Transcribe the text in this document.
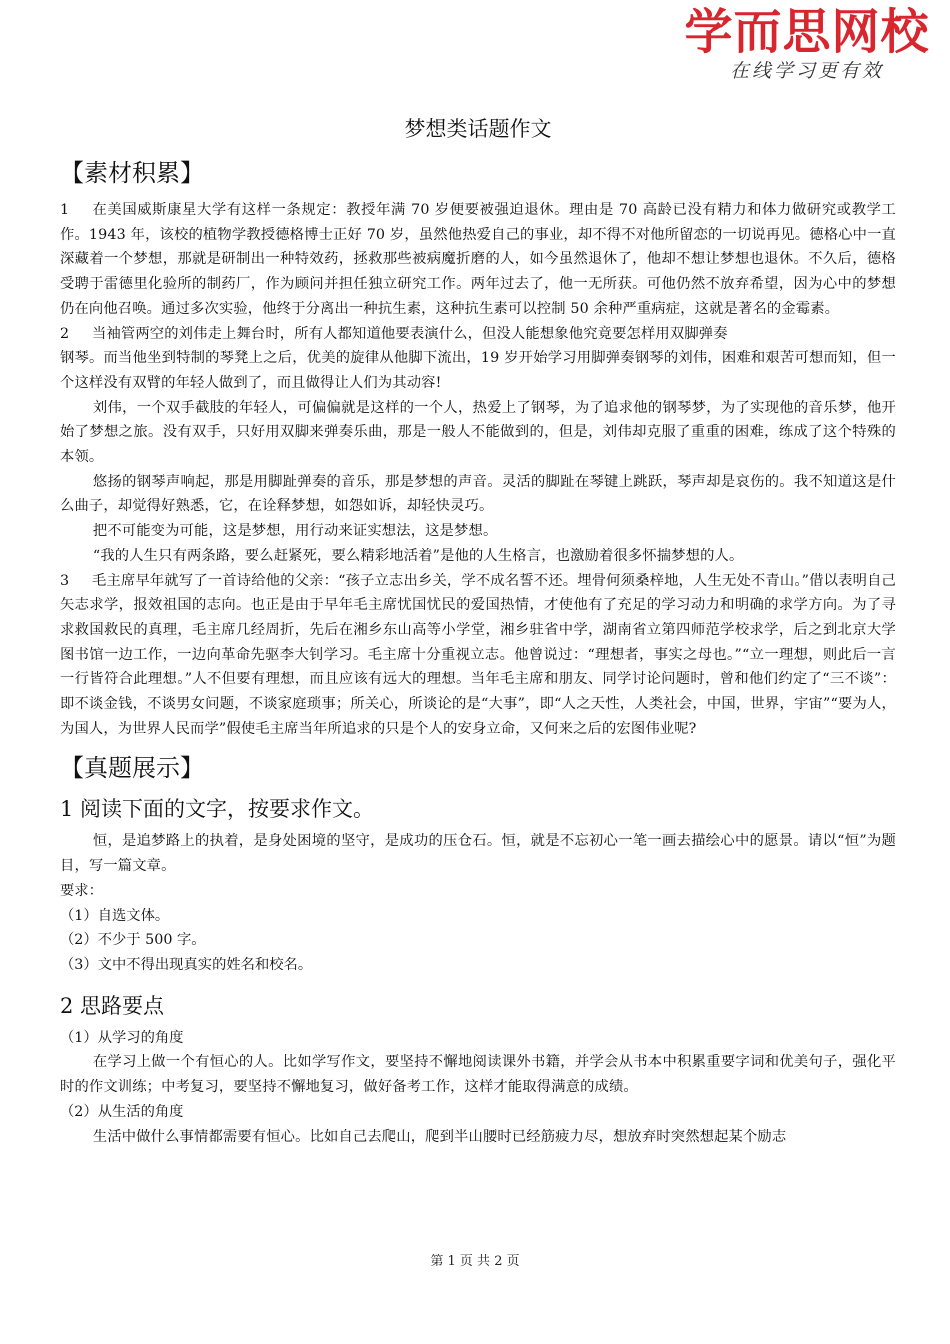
学而思网校
在线学习更有效
梦想类话题作文
【素材积累】

1 在美国威斯康星大学有这样一条规定：教授年满 70 岁便要被强迫退休。理由是 70 高龄已没有精力和体力做研究或教学工作。1943 年，该校的植物学教授德格博士正好 70 岁，虽然他热爱自己的事业，却不得不对他所留恋的一切说再见。德格心中一直深藏着一个梦想，那就是研制出一种特效药，拯救那些被病魔折磨的人，如今虽然退休了，他却不想让梦想也退休。不久后，德格受聘于雷德里化验所的制药厂，作为顾问并担任独立研究工作。两年过去了，他一无所获。可他仍然不放弃希望，因为心中的梦想仍在向他召唤。通过多次实验，他终于分离出一种抗生素，这种抗生素可以控制 50 余种严重病症，这就是著名的金霉素。

2 当袖管两空的刘伟走上舞台时，所有人都知道他要表演什么，但没人能想象他究竟要怎样用双脚弹奏

钢琴。而当他坐到特制的琴凳上之后，优美的旋律从他脚下流出，19 岁开始学习用脚弹奏钢琴的刘伟，困难和艰苦可想而知，但一个这样没有双臂的年轻人做到了，而且做得让人们为其动容!

刘伟，一个双手截肢的年轻人，可偏偏就是这样的一个人，热爱上了钢琴，为了追求他的钢琴梦，为了实现他的音乐梦，他开始了梦想之旅。没有双手，只好用双脚来弹奏乐曲，那是一般人不能做到的，但是，刘伟却克服了重重的困难，练成了这个特殊的本领。

悠扬的钢琴声响起，那是用脚趾弹奏的音乐，那是梦想的声音。灵活的脚趾在琴键上跳跃，琴声却是哀伤的。我不知道这是什么曲子，却觉得好熟悉，它，在诠释梦想，如怨如诉，却轻快灵巧。

把不可能变为可能，这是梦想，用行动来证实想法，这是梦想。

“我的人生只有两条路，要么赶紧死，要么精彩地活着”是他的人生格言，也激励着很多怀揣梦想的人。

3 毛主席早年就写了一首诗给他的父亲：“孩子立志出乡关，学不成名誓不还。埋骨何须桑梓地，人生无处不青山。”借以表明自己矢志求学，报效祖国的志向。也正是由于早年毛主席忧国忧民的爱国热情，才使他有了充足的学习动力和明确的求学方向。为了寻求救国救民的真理，毛主席几经周折，先后在湘乡东山高等小学堂，湘乡驻省中学，湖南省立第四师范学校求学，后之到北京大学图书馆一边工作，一边向革命先驱李大钊学习。毛主席十分重视立志。他曾说过：“理想者，事实之母也。”“立一理想，则此后一言一行皆符合此理想。”人不但要有理想，而且应该有远大的理想。当年毛主席和朋友、同学讨论问题时，曾和他们约定了“三不谈”：即不谈金钱，不谈男女问题，不谈家庭琐事；所关心，所谈论的是“大事”，即“人之天性，人类社会，中国，世界，宇宙”“要为人，为国人，为世界人民而学”假使毛主席当年所追求的只是个人的安身立命，又何来之后的宏图伟业呢?

【真题展示】
1 阅读下面的文字，按要求作文。

恒，是追梦路上的执着，是身处困境的坚守，是成功的压仓石。恒，就是不忘初心一笔一画去描绘心中的愿景。请以“恒”为题目，写一篇文章。

要求：

（1）自选文体。

（2）不少于 500 字。

（3）文中不得出现真实的姓名和校名。

2 思路要点

（1）从学习的角度

在学习上做一个有恒心的人。比如学写作文，要坚持不懈地阅读课外书籍，并学会从书本中积累重要字词和优美句子，强化平时的作文训练；中考复习，要坚持不懈地复习，做好备考工作，这样才能取得满意的成绩。

（2）从生活的角度

生活中做什么事情都需要有恒心。比如自己去爬山，爬到半山腰时已经筋疲力尽，想放弃时突然想起某个励志

第 1 页 共 2 页
